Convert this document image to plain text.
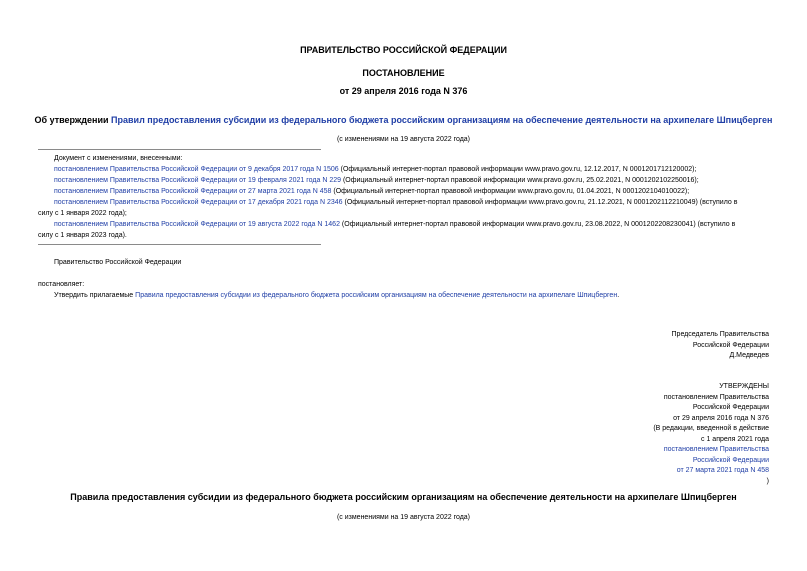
ПРАВИТЕЛЬСТВО РОССИЙСКОЙ ФЕДЕРАЦИИ
ПОСТАНОВЛЕНИЕ
от 29 апреля 2016 года N 376
Об утверждении Правил предоставления субсидии из федерального бюджета российским организациям на обеспечение деятельности на архипелаге Шпицберген
(с изменениями на 19 августа 2022 года)
Документ с изменениями, внесенными:
постановлением Правительства Российской Федерации от 9 декабря 2017 года N 1506 (Официальный интернет-портал правовой информации www.pravo.gov.ru, 12.12.2017, N 0001201712120002);
постановлением Правительства Российской Федерации от 19 февраля 2021 года N 229 (Официальный интернет-портал правовой информации www.pravo.gov.ru, 25.02.2021, N 0001202102250016);
постановлением Правительства Российской Федерации от 27 марта 2021 года N 458 (Официальный интернет-портал правовой информации www.pravo.gov.ru, 01.04.2021, N 0001202104010022);
постановлением Правительства Российской Федерации от 17 декабря 2021 года N 2346 (Официальный интернет-портал правовой информации www.pravo.gov.ru, 21.12.2021, N 0001202112210049) (вступило в
силу с 1 января 2022 года);
постановлением Правительства Российской Федерации от 19 августа 2022 года N 1462 (Официальный интернет-портал правовой информации www.pravo.gov.ru, 23.08.2022, N 0001202208230041) (вступило в
силу с 1 января 2023 года).
Правительство Российской Федерации
постановляет:
Утвердить прилагаемые Правила предоставления субсидии из федерального бюджета российским организациям на обеспечение деятельности на архипелаге Шпицберген.
Председатель Правительства
Российской Федерации
Д.Медведев
УТВЕРЖДЕНЫ
постановлением Правительства
Российской Федерации
от 29 апреля 2016 года N 376
(В редакции, введенной в действие
с 1 апреля 2021 года
постановлением Правительства
Российской Федерации
от 27 марта 2021 года N 458
)
Правила предоставления субсидии из федерального бюджета российским организациям на обеспечение деятельности на архипелаге Шпицберген
(с изменениями на 19 августа 2022 года)
